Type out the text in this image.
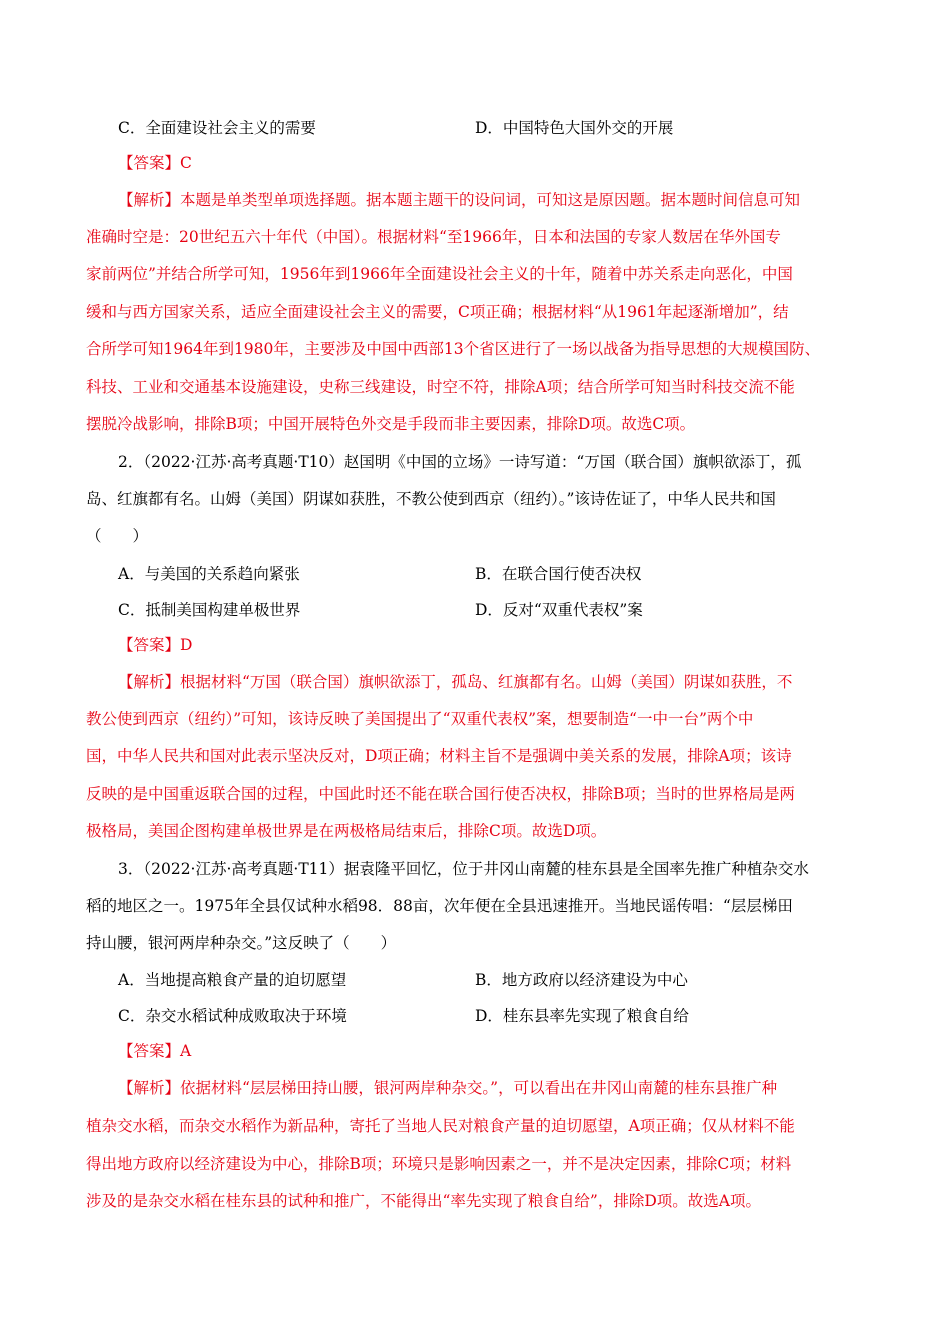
C．全面建设社会主义的需要	D．中国特色大国外交的开展
【答案】C
【解析】本题是单类型单项选择题。据本题主题干的设问词，可知这是原因题。据本题时间信息可知
准确时空是：20世纪五六十年代（中国）。根据材料“至1966年，日本和法国的专家人数居在华外国专
家前两位”并结合所学可知，1956年到1966年全面建设社会主义的十年，随着中苏关系走向恶化，中国
缓和与西方国家关系，适应全面建设社会主义的需要，C项正确；根据材料“从1961年起逐渐增加”，结
合所学可知1964年到1980年，主要涉及中国中西部13个省区进行了一场以战备为指导思想的大规模国防、
科技、工业和交通基本设施建设，史称三线建设，时空不符，排除A项；结合所学可知当时科技交流不能
摆脱冷战影响，排除B项；中国开展特色外交是手段而非主要因素，排除D项。故选C项。
2．（2022·江苏·高考真题·T10）赵国明《中国的立场》一诗写道：“万国（联合国）旗帜欲添丁，孤
岛、红旗都有名。山姆（美国）阴谋如获胜，不教公使到西京（纽约）。”该诗佐证了，中华人民共和国
（　　）
A．与美国的关系趋向紧张	B．在联合国行使否决权
C．抵制美国构建单极世界	D．反对“双重代表权”案
【答案】D
【解析】根据材料“万国（联合国）旗帜欲添丁，孤岛、红旗都有名。山姆（美国）阴谋如获胜，不
教公使到西京（纽约）”可知，该诗反映了美国提出了“双重代表权”案，想要制造“一中一台”两个中
国，中华人民共和国对此表示坚决反对，D项正确；材料主旨不是强调中美关系的发展，排除A项；该诗
反映的是中国重返联合国的过程，中国此时还不能在联合国行使否决权，排除B项；当时的世界格局是两
极格局，美国企图构建单极世界是在两极格局结束后，排除C项。故选D项。
3．（2022·江苏·高考真题·T11）据袁隆平回忆，位于井冈山南麓的桂东县是全国率先推广种植杂交水
稻的地区之一。1975年全县仅试种水稻98．88亩，次年便在全县迅速推开。当地民谣传唱：“层层梯田
持山腰，银河两岸种杂交。”这反映了（　　）
A．当地提高粮食产量的迫切愿望	B．地方政府以经济建设为中心
C．杂交水稻试种成败取决于环境	D．桂东县率先实现了粮食自给
【答案】A
【解析】依据材料“层层梯田持山腰，银河两岸种杂交。”，可以看出在井冈山南麓的桂东县推广种
植杂交水稻，而杂交水稻作为新品种，寄托了当地人民对粮食产量的迫切愿望，A项正确；仅从材料不能
得出地方政府以经济建设为中心，排除B项；环境只是影响因素之一，并不是决定因素，排除C项；材料
涉及的是杂交水稻在桂东县的试种和推广，不能得出“率先实现了粮食自给”，排除D项。故选A项。
